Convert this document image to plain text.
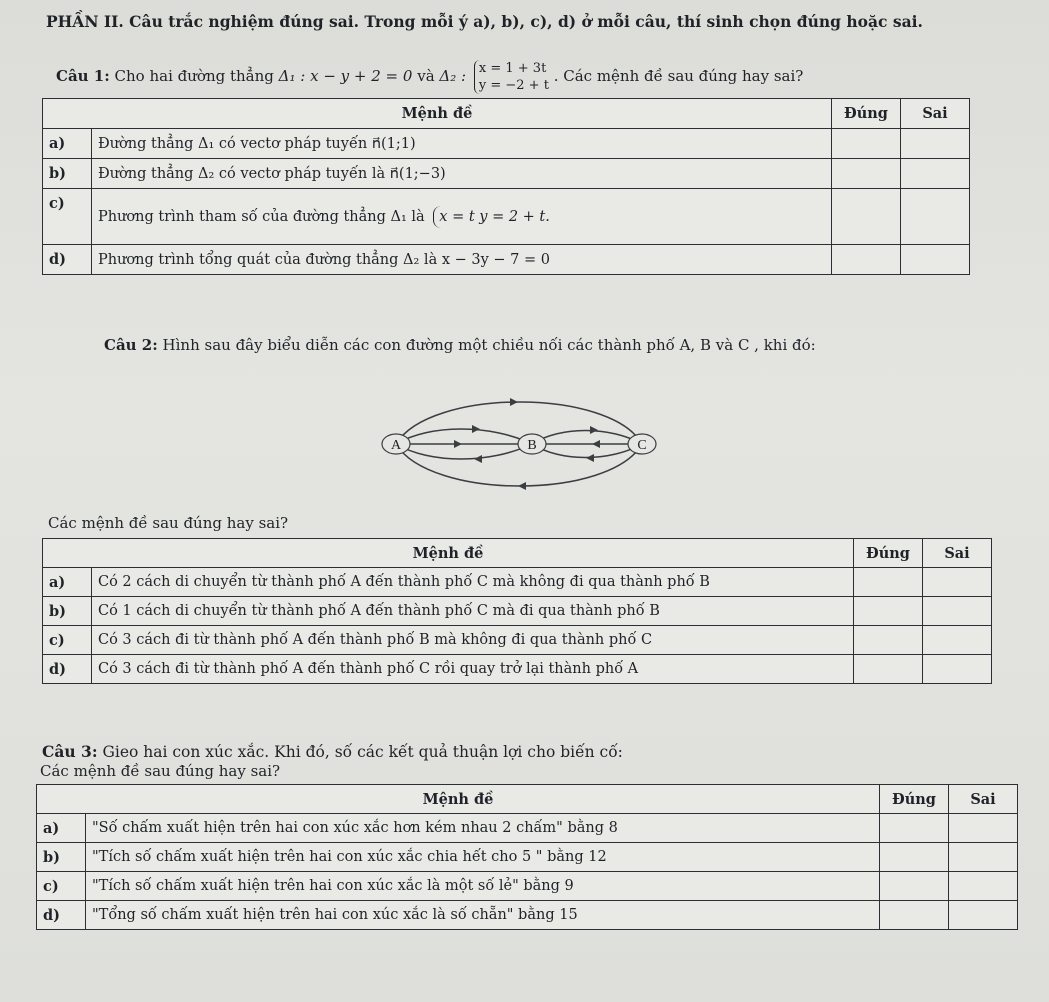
PHẦN II. Câu trắc nghiệm đúng sai. Trong mỗi ý a), b), c), d) ở mỗi câu, thí sinh chọn đúng hoặc sai.
Câu 1: Cho hai đường thẳng Δ₁ : x − y + 2 = 0 và Δ₂ : x = 1 + 3t
y = −2 + t
. Các mệnh đề sau đúng hay sai?
Mệnh đề		Đúng	Sai
a)	Đường thẳng Δ₁ có vectơ pháp tuyến n⃗(1;1)		
b)	Đường thẳng Δ₂ có vectơ pháp tuyến là n⃗(1;−3)		
c)	Phương trình tham số của đường thẳng Δ₁ là x = t y = 2 + t.		
d)	Phương trình tổng quát của đường thẳng Δ₂ là x − 3y − 7 = 0		
Câu 2: Hình sau đây biểu diễn các con đường một chiều nối các thành phố A, B và C , khi đó:
A	B	C
Các mệnh đề sau đúng hay sai?
Mệnh đề		Đúng	Sai
a)	Có 2 cách di chuyển từ thành phố A đến thành phố C mà không đi qua thành phố B		
b)	Có 1 cách di chuyển từ thành phố A đến thành phố C mà đi qua thành phố B		
c)	Có 3 cách đi từ thành phố A đến thành phố B mà không đi qua thành phố C		
d)	Có 3 cách đi từ thành phố A đến thành phố C rồi quay trở lại thành phố A		
Câu 3: Gieo hai con xúc xắc. Khi đó, số các kết quả thuận lợi cho biến cố:
Các mệnh đề sau đúng hay sai?
Mệnh đề		Đúng	Sai
a)	"Số chấm xuất hiện trên hai con xúc xắc hơn kém nhau 2 chấm" bằng 8		
b)	"Tích số chấm xuất hiện trên hai con xúc xắc chia hết cho 5 " bằng 12		
c)	"Tích số chấm xuất hiện trên hai con xúc xắc là một số lẻ" bằng 9		
d)	"Tổng số chấm xuất hiện trên hai con xúc xắc là số chẵn" bằng 15		
